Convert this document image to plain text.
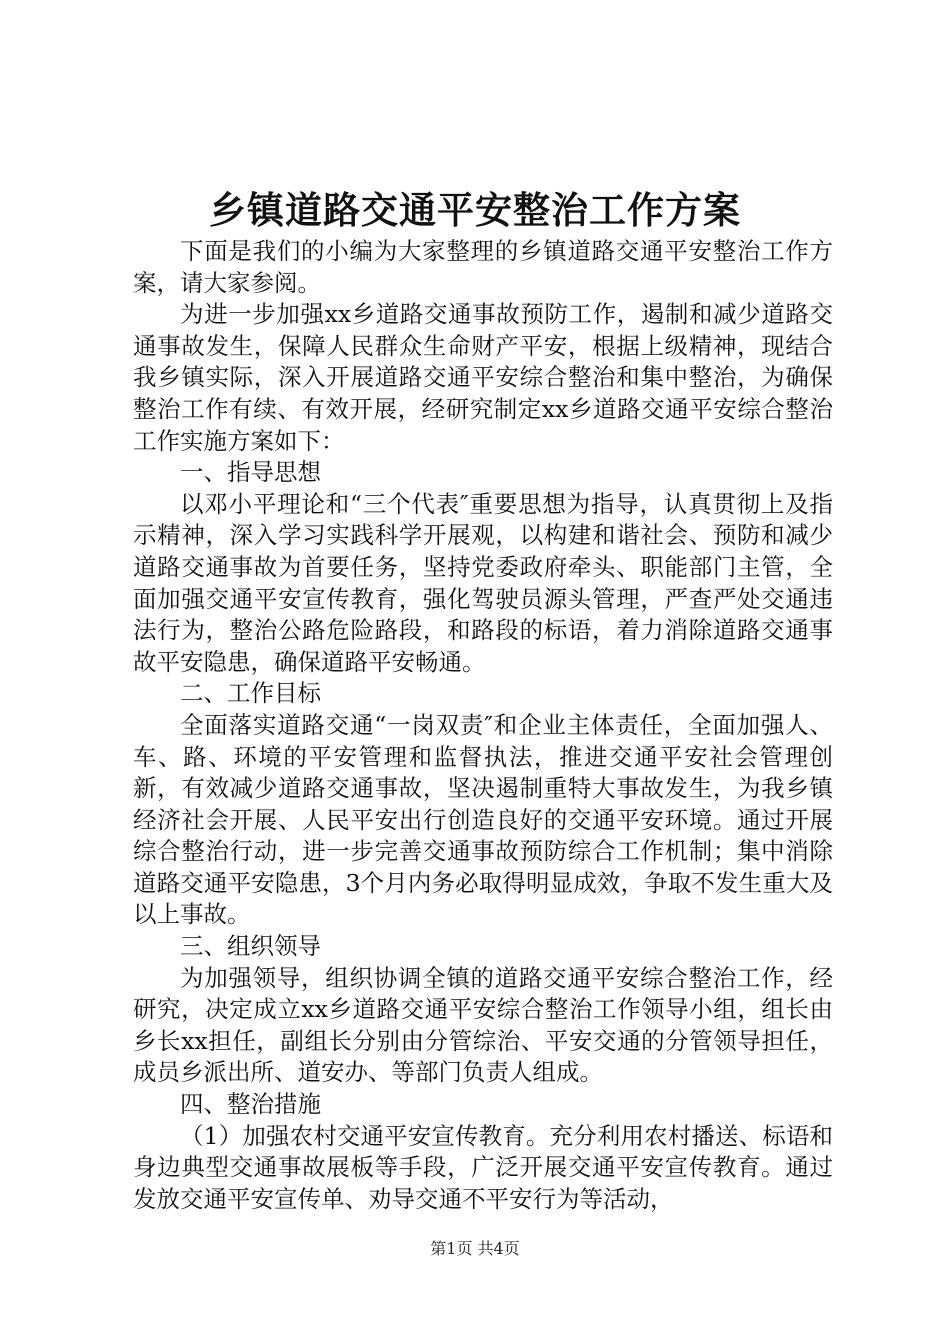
乡镇道路交通平安整治工作方案

下面是我们的小编为大家整理的乡镇道路交通平安整治工作方案，请大家参阅。

为进一步加强xx乡道路交通事故预防工作，遏制和减少道路交通事故发生，保障人民群众生命财产平安，根据上级精神，现结合我乡镇实际，深入开展道路交通平安综合整治和集中整治，为确保整治工作有续、有效开展，经研究制定xx乡道路交通平安综合整治工作实施方案如下：

一、指导思想

以邓小平理论和“三个代表″重要思想为指导，认真贯彻上及指示精神，深入学习实践科学开展观，以构建和谐社会、预防和减少道路交通事故为首要任务，坚持党委政府牵头、职能部门主管，全面加强交通平安宣传教育，强化驾驶员源头管理，严查严处交通违法行为，整治公路危险路段，和路段的标语，着力消除道路交通事故平安隐患，确保道路平安畅通。

二、工作目标

全面落实道路交通“一岗双责″和企业主体责任，全面加强人、车、路、环境的平安管理和监督执法，推进交通平安社会管理创新，有效减少道路交通事故，坚决遏制重特大事故发生，为我乡镇经济社会开展、人民平安出行创造良好的交通平安环境。通过开展综合整治行动，进一步完善交通事故预防综合工作机制；集中消除道路交通平安隐患，3个月内务必取得明显成效，争取不发生重大及以上事故。

三、组织领导

为加强领导，组织协调全镇的道路交通平安综合整治工作，经研究，决定成立xx乡道路交通平安综合整治工作领导小组，组长由乡长xx担任，副组长分别由分管综治、平安交通的分管领导担任，成员乡派出所、道安办、等部门负责人组成。

四、整治措施

（1）加强农村交通平安宣传教育。充分利用农村播送、标语和身边典型交通事故展板等手段，广泛开展交通平安宣传教育。通过发放交通平安宣传单、劝导交通不平安行为等活动，

第1页 共4页
